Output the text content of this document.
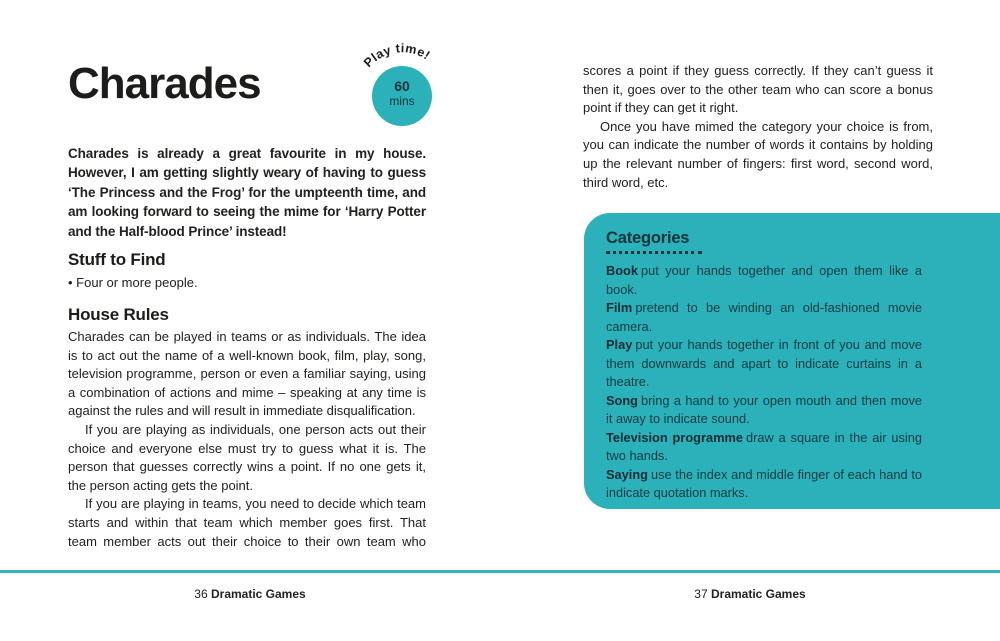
Charades

Charades is already a great favourite in my house. However, I am getting slightly weary of having to guess ‘The Princess and the Frog’ for the umpteenth time, and am looking forward to seeing the mime for ‘Harry Potter and the Half-blood Prince’ instead!

Stuff to Find

• Four or more people.

House Rules

Charades can be played in teams or as individuals. The idea is to act out the name of a well-known book, film, play, song, television programme, person or even a familiar saying, using a combination of actions and mime – speaking at any time is against the rules and will result in immediate disqualification.

If you are playing as individuals, one person acts out their choice and everyone else must try to guess what it is. The person that guesses correctly wins a point. If no one gets it, the person acting gets the point.

If you are playing in teams, you need to decide which team starts and within that team which member goes first. That team member acts out their choice to their own team who

Play time!
60
mins

scores a point if they guess correctly. If they can’t guess it then it, goes over to the other team who can score a bonus point if they can get it right.

Once you have mimed the category your choice is from, you can indicate the number of words it contains by holding up the relevant number of fingers: first word, second word, third word, etc.

Categories

Book put your hands together and open them like a book.

Film pretend to be winding an old-fashioned movie camera.

Play put your hands together in front of you and move them downwards and apart to indicate curtains in a theatre.

Song bring a hand to your open mouth and then move it away to indicate sound.

Television programme draw a square in the air using two hands.

Saying use the index and middle finger of each hand to indicate quotation marks.

36 Dramatic Games	37 Dramatic Games
